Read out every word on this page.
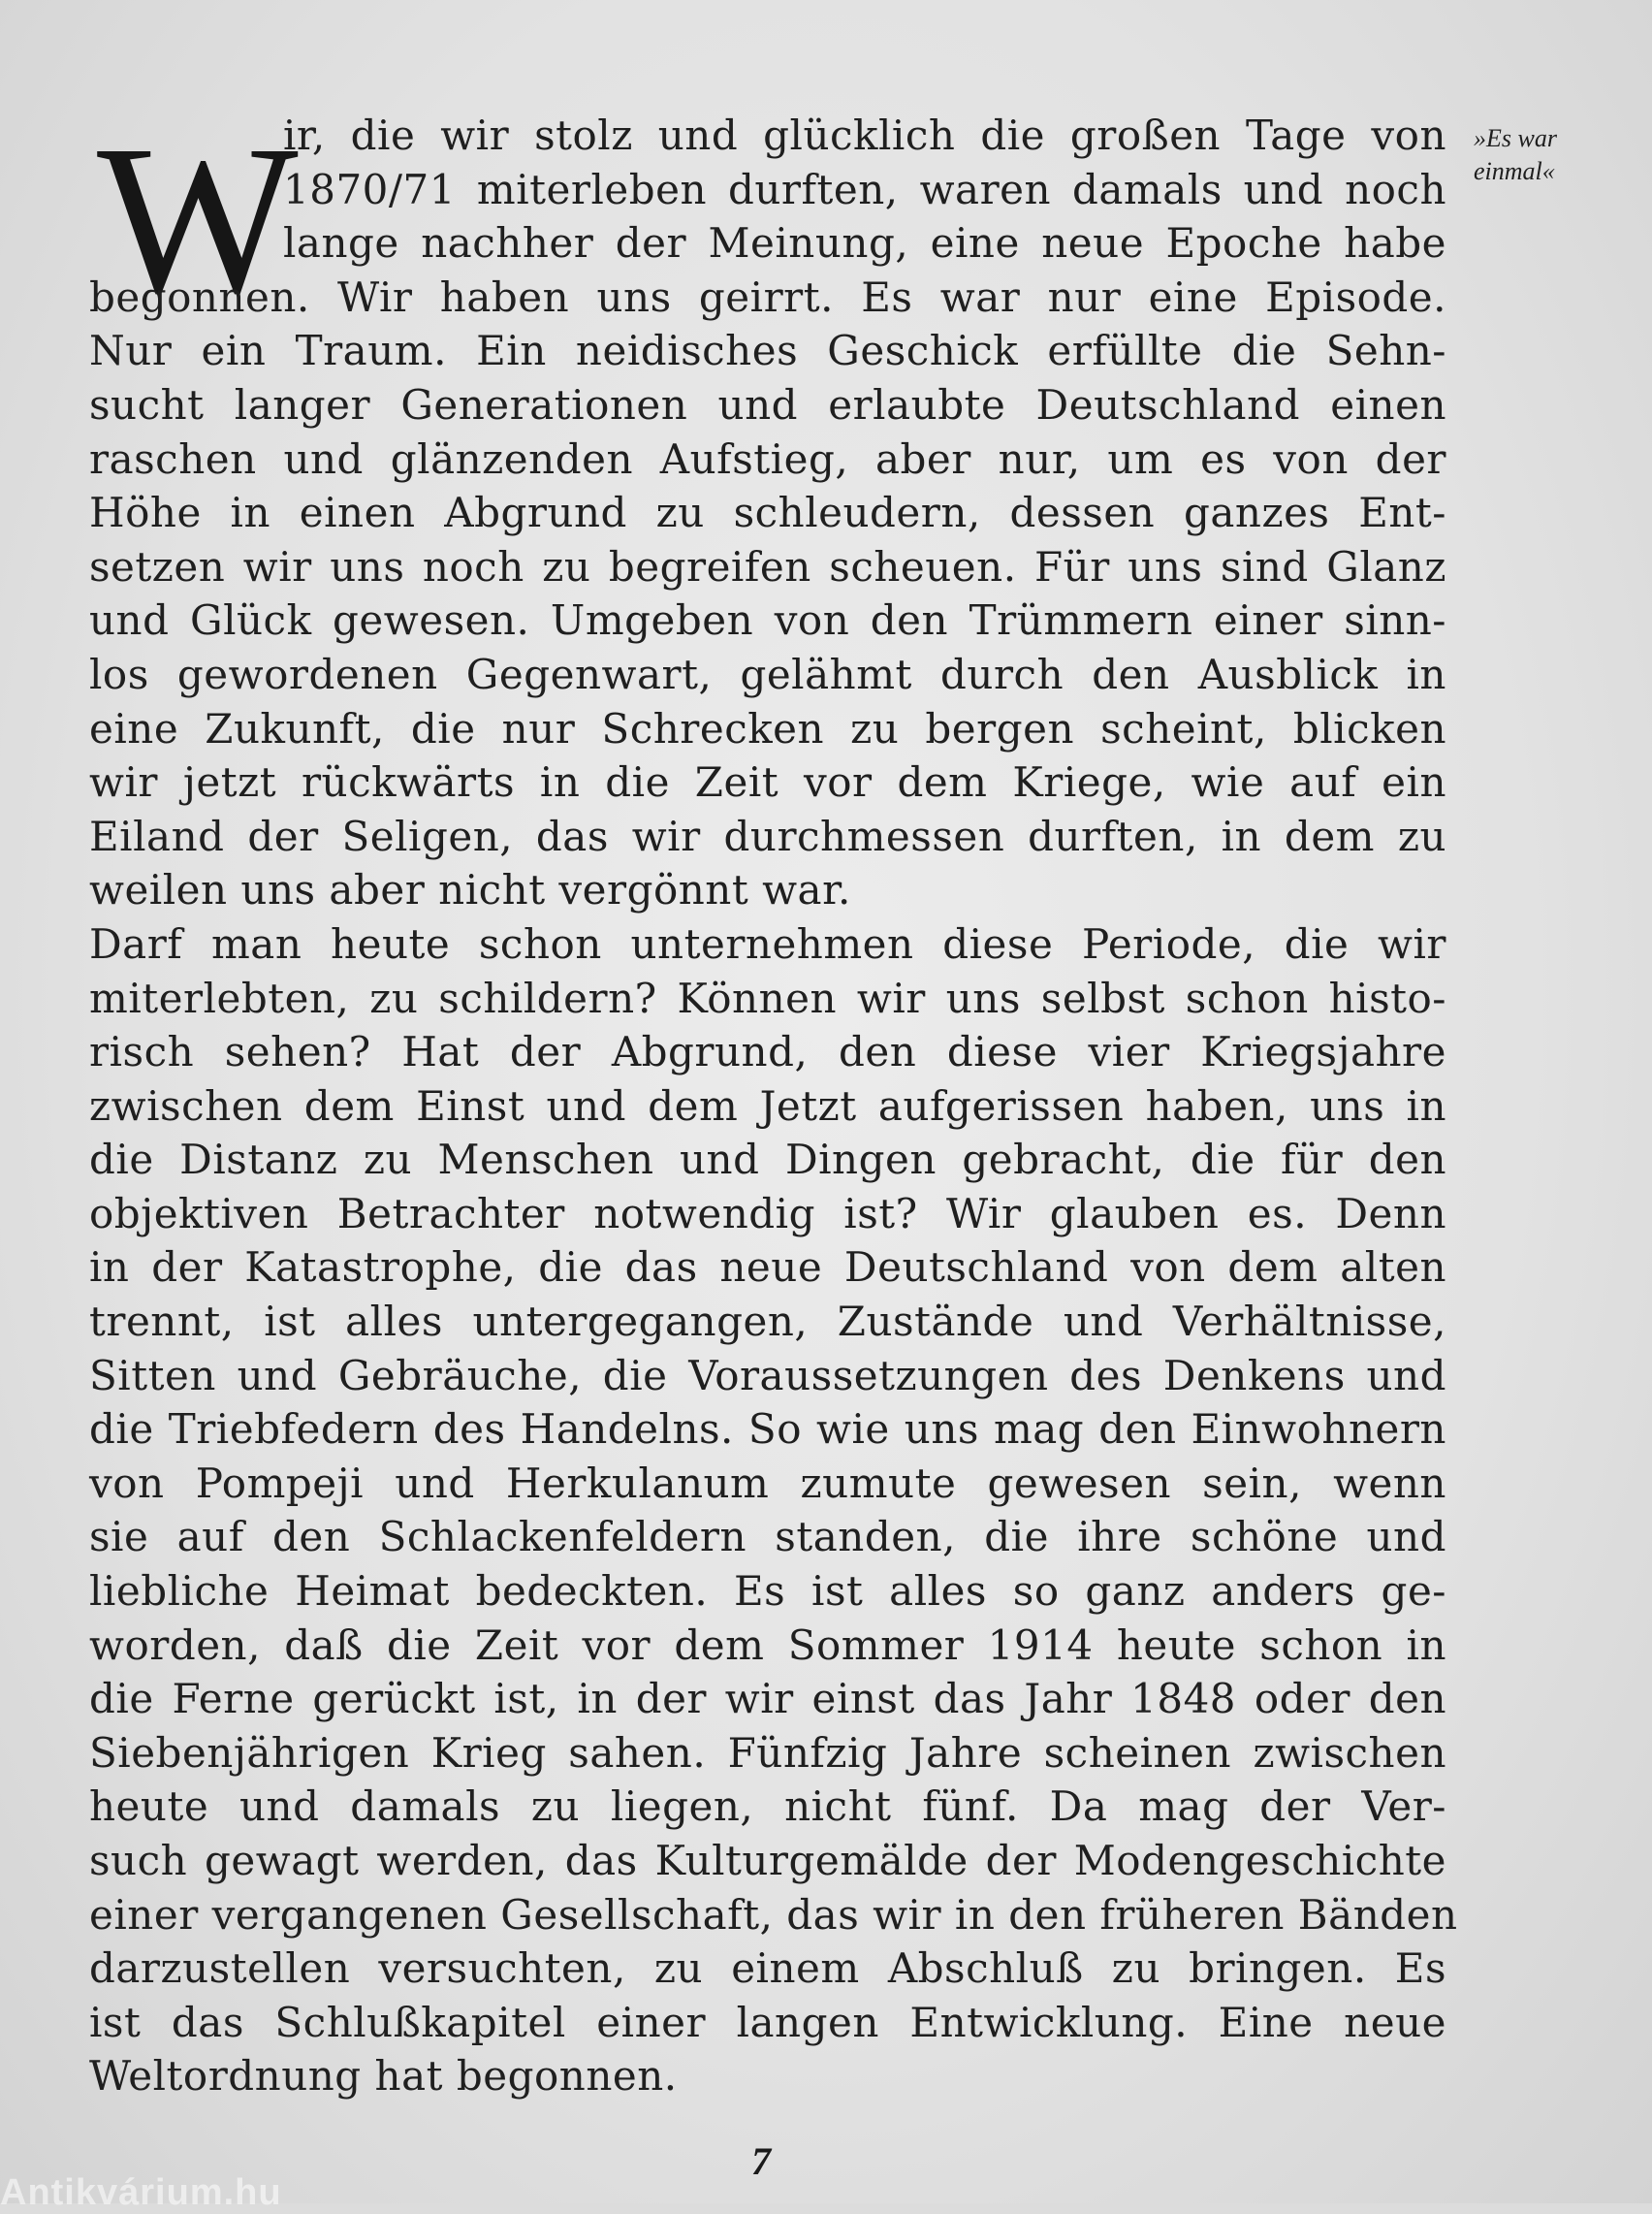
W	»Es war
einmal«
ir, die wir stolz und glücklich die großen Tage von
1870/71 miterleben durften, waren damals und noch
lange nachher der Meinung, eine neue Epoche habe
begonnen. Wir haben uns geirrt. Es war nur eine Episode.
Nur ein Traum. Ein neidisches Geschick erfüllte die Sehn-
sucht langer Generationen und erlaubte Deutschland einen
raschen und glänzenden Aufstieg, aber nur, um es von der
Höhe in einen Abgrund zu schleudern, dessen ganzes Ent-
setzen wir uns noch zu begreifen scheuen. Für uns sind Glanz
und Glück gewesen. Umgeben von den Trümmern einer sinn-
los gewordenen Gegenwart, gelähmt durch den Ausblick in
eine Zukunft, die nur Schrecken zu bergen scheint, blicken
wir jetzt rückwärts in die Zeit vor dem Kriege, wie auf ein
Eiland der Seligen, das wir durchmessen durften, in dem zu
weilen uns aber nicht vergönnt war.
Darf man heute schon unternehmen diese Periode, die wir
miterlebten, zu schildern? Können wir uns selbst schon histo-
risch sehen? Hat der Abgrund, den diese vier Kriegsjahre
zwischen dem Einst und dem Jetzt aufgerissen haben, uns in
die Distanz zu Menschen und Dingen gebracht, die für den
objektiven Betrachter notwendig ist? Wir glauben es. Denn
in der Katastrophe, die das neue Deutschland von dem alten
trennt, ist alles untergegangen, Zustände und Verhältnisse,
Sitten und Gebräuche, die Voraussetzungen des Denkens und
die Triebfedern des Handelns. So wie uns mag den Einwohnern
von Pompeji und Herkulanum zumute gewesen sein, wenn
sie auf den Schlackenfeldern standen, die ihre schöne und
liebliche Heimat bedeckten. Es ist alles so ganz anders ge-
worden, daß die Zeit vor dem Sommer 1914 heute schon in
die Ferne gerückt ist, in der wir einst das Jahr 1848 oder den
Siebenjährigen Krieg sahen. Fünfzig Jahre scheinen zwischen
heute und damals zu liegen, nicht fünf. Da mag der Ver-
such gewagt werden, das Kulturgemälde der Modengeschichte
einer vergangenen Gesellschaft, das wir in den früheren Bänden
darzustellen versuchten, zu einem Abschluß zu bringen. Es
ist das Schlußkapitel einer langen Entwicklung. Eine neue
Weltordnung hat begonnen.
7
Antikvárium.hu
